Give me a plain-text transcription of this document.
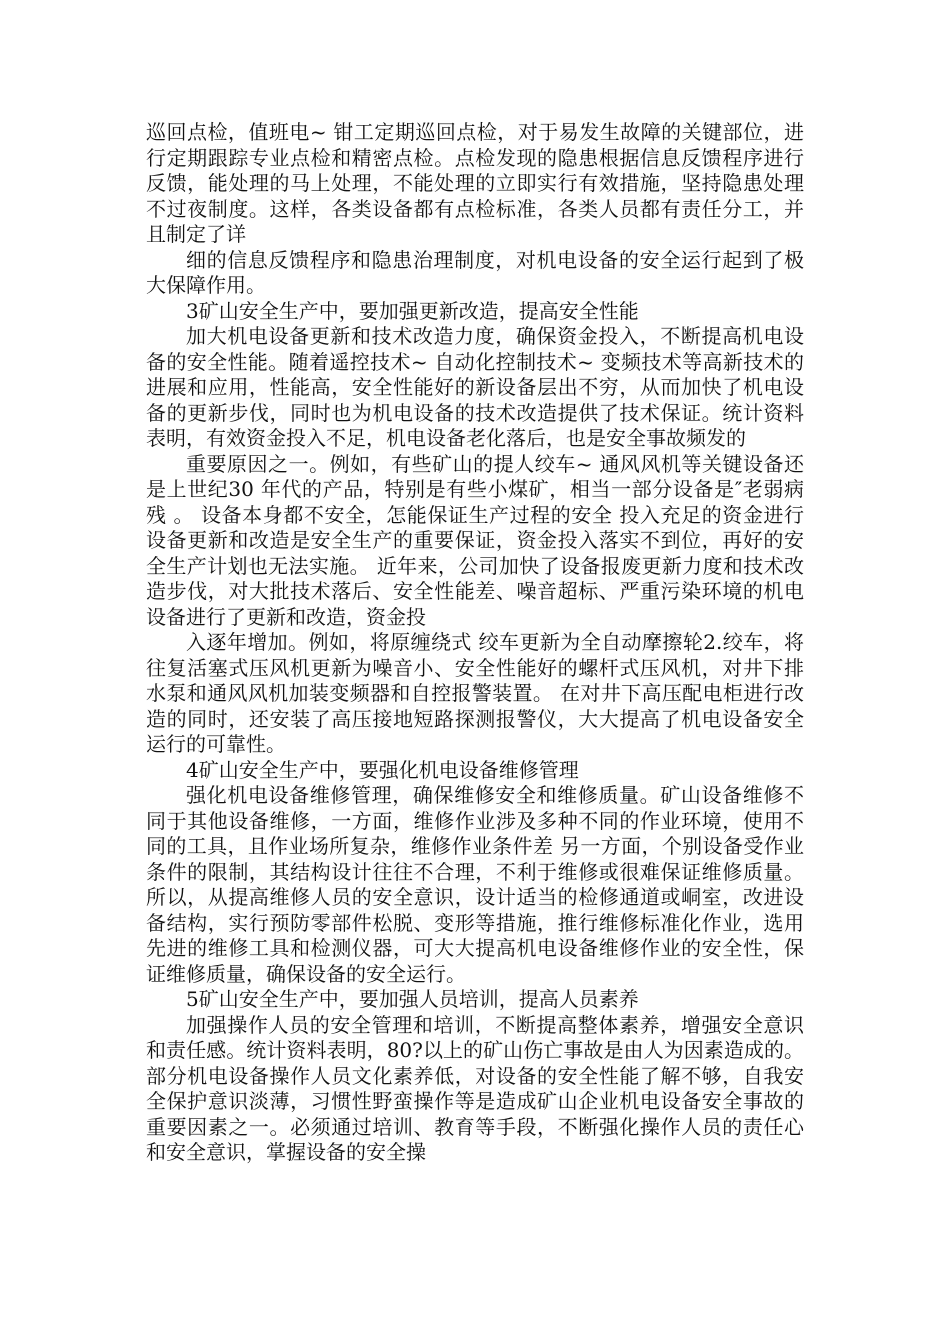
巡回点检，值班电~ 钳工定期巡回点检，对于易发生故障的关键部位，进行定期跟踪专业点检和精密点检。点检发现的隐患根据信息反馈程序进行反馈，能处理的马上处理，不能处理的立即实行有效措施，坚持隐患处理不过夜制度。这样，各类设备都有点检标准，各类人员都有责任分工，并且制定了详

细的信息反馈程序和隐患治理制度，对机电设备的安全运行起到了极大保障作用。

3矿山安全生产中，要加强更新改造，提高安全性能

加大机电设备更新和技术改造力度，确保资金投入，不断提高机电设备的安全性能。随着遥控技术~ 自动化控制技术~ 变频技术等高新技术的进展和应用，性能高，安全性能好的新设备层出不穷，从而加快了机电设备的更新步伐，同时也为机电设备的技术改造提供了技术保证。统计资料表明，有效资金投入不足，机电设备老化落后，也是安全事故频发的

重要原因之一。例如，有些矿山的提人绞车~ 通风风机等关键设备还是上世纪30 年代的产品，特别是有些小煤矿，相当一部分设备是″老弱病残 。 设备本身都不安全，怎能保证生产过程的安全 投入充足的资金进行设备更新和改造是安全生产的重要保证，资金投入落实不到位，再好的安全生产计划也无法实施。 近年来，公司加快了设备报废更新力度和技术改造步伐，对大批技术落后、安全性能差、噪音超标、严重污染环境的机电设备进行了更新和改造，资金投

入逐年增加。例如，将原缠绕式 绞车更新为全自动摩擦轮2.绞车，将往复活塞式压风机更新为噪音小、安全性能好的螺杆式压风机，对井下排水泵和通风风机加装变频器和自控报警装置。 在对井下高压配电柜进行改造的同时，还安装了高压接地短路探测报警仪，大大提高了机电设备安全运行的可靠性。

4矿山安全生产中，要强化机电设备维修管理

强化机电设备维修管理，确保维修安全和维修质量。矿山设备维修不同于其他设备维修，一方面，维修作业涉及多种不同的作业环境，使用不同的工具，且作业场所复杂，维修作业条件差 另一方面，个别设备受作业条件的限制，其结构设计往往不合理，不利于维修或很难保证维修质量。 所以，从提高维修人员的安全意识，设计适当的检修通道或峒室，改进设备结构，实行预防零部件松脱、变形等措施，推行维修标准化作业，选用先进的维修工具和检测仪器，可大大提高机电设备维修作业的安全性，保证维修质量，确保设备的安全运行。

5矿山安全生产中，要加强人员培训，提高人员素养

加强操作人员的安全管理和培训，不断提高整体素养，增强安全意识和责任感。统计资料表明，80?以上的矿山伤亡事故是由人为因素造成的。部分机电设备操作人员文化素养低，对设备的安全性能了解不够，自我安全保护意识淡薄，习惯性野蛮操作等是造成矿山企业机电设备安全事故的重要因素之一。必须通过培训、教育等手段，不断强化操作人员的责任心和安全意识，掌握设备的安全操
